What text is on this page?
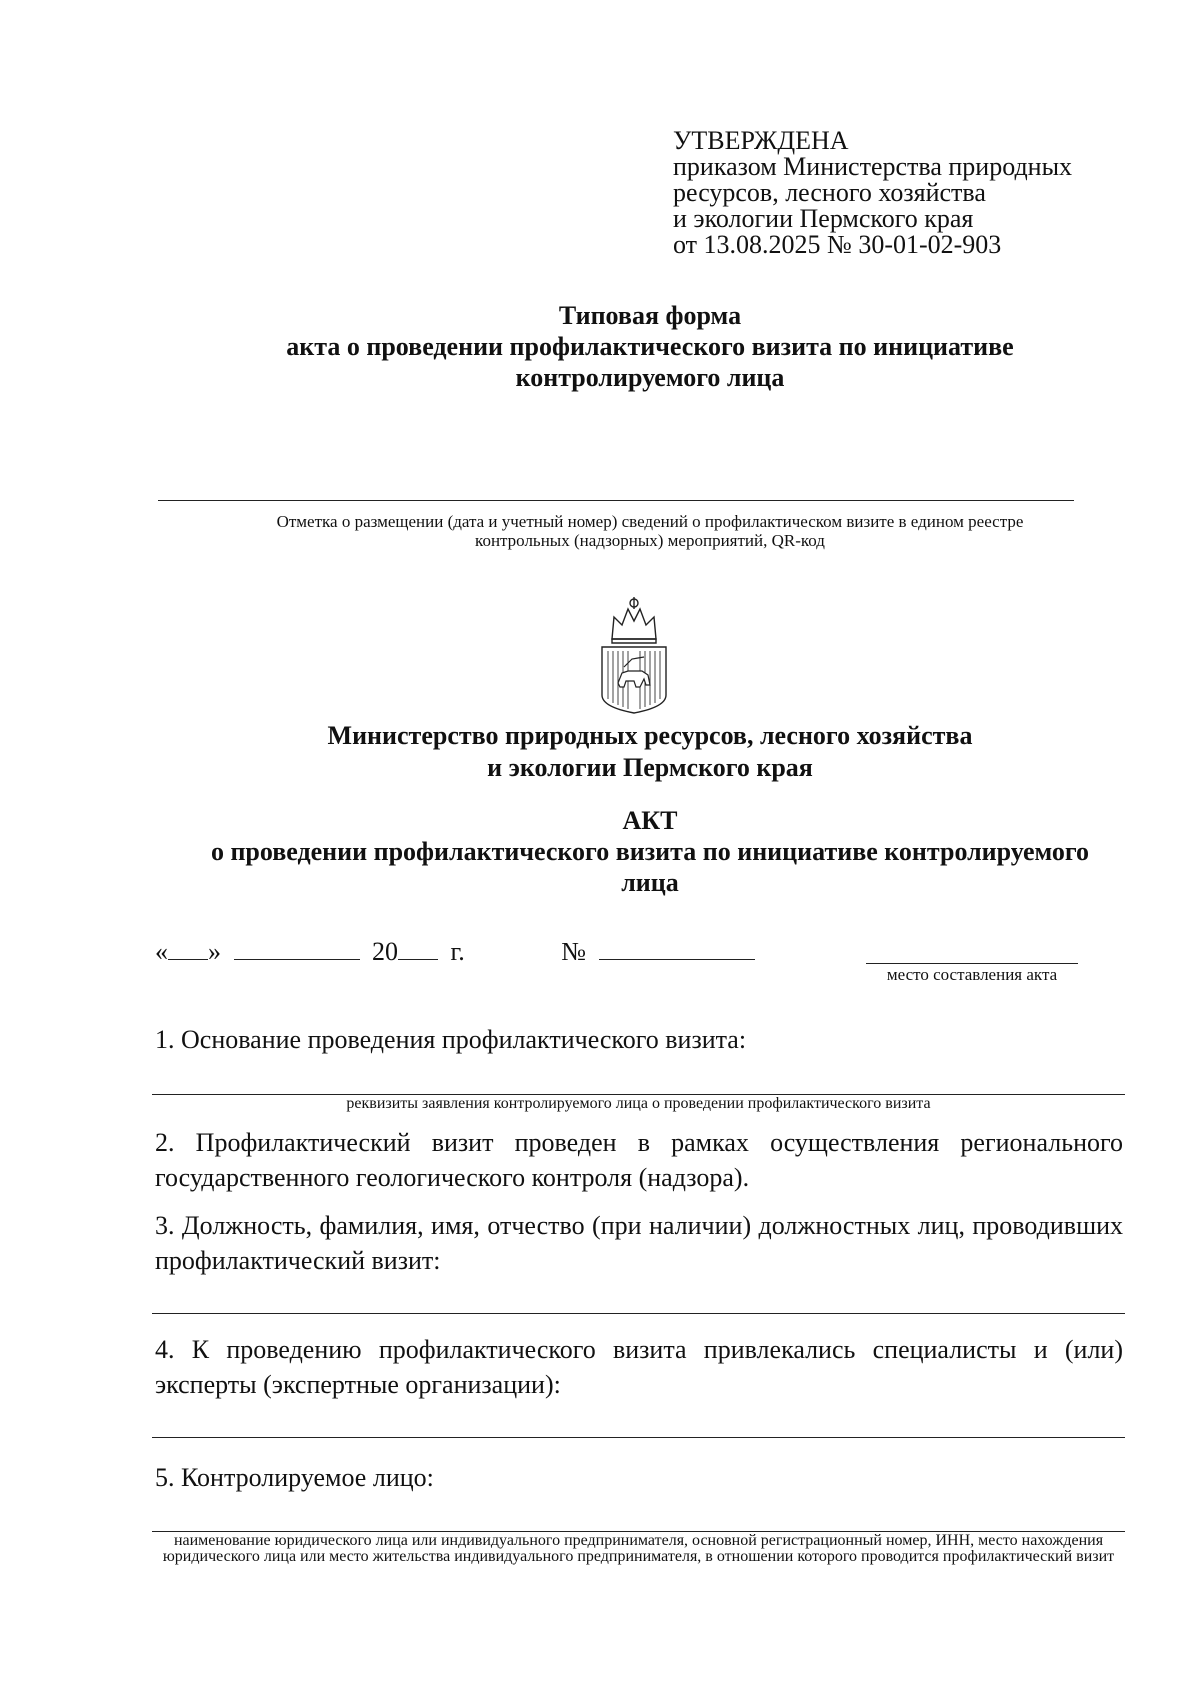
УТВЕРЖДЕНА
приказом Министерства природных
ресурсов, лесного хозяйства
и экологии Пермского края
от 13.08.2025 № 30-01-02-903
Типовая форма
акта о проведении профилактического визита по инициативе
контролируемого лица
Отметка о размещении (дата и учетный номер) сведений о профилактическом визите в едином реестре контрольных (надзорных) мероприятий, QR-код
Министерство природных ресурсов, лесного хозяйства
и экологии Пермского края
АКТ
о проведении профилактического визита по инициативе контролируемого
лица
« »	20 г.	№
место составления акта
1. Основание проведения профилактического визита:
реквизиты заявления контролируемого лица о проведении профилактического визита
2. Профилактический визит проведен в рамках осуществления регионального государственного геологического контроля (надзора).
3. Должность, фамилия, имя, отчество (при наличии) должностных лиц, проводивших профилактический визит:
4. К проведению профилактического визита привлекались специалисты и (или) эксперты (экспертные организации):
5. Контролируемое лицо:
наименование юридического лица или индивидуального предпринимателя, основной регистрационный номер, ИНН, место нахождения юридического лица или место жительства индивидуального предпринимателя, в отношении которого проводится профилактический визит
